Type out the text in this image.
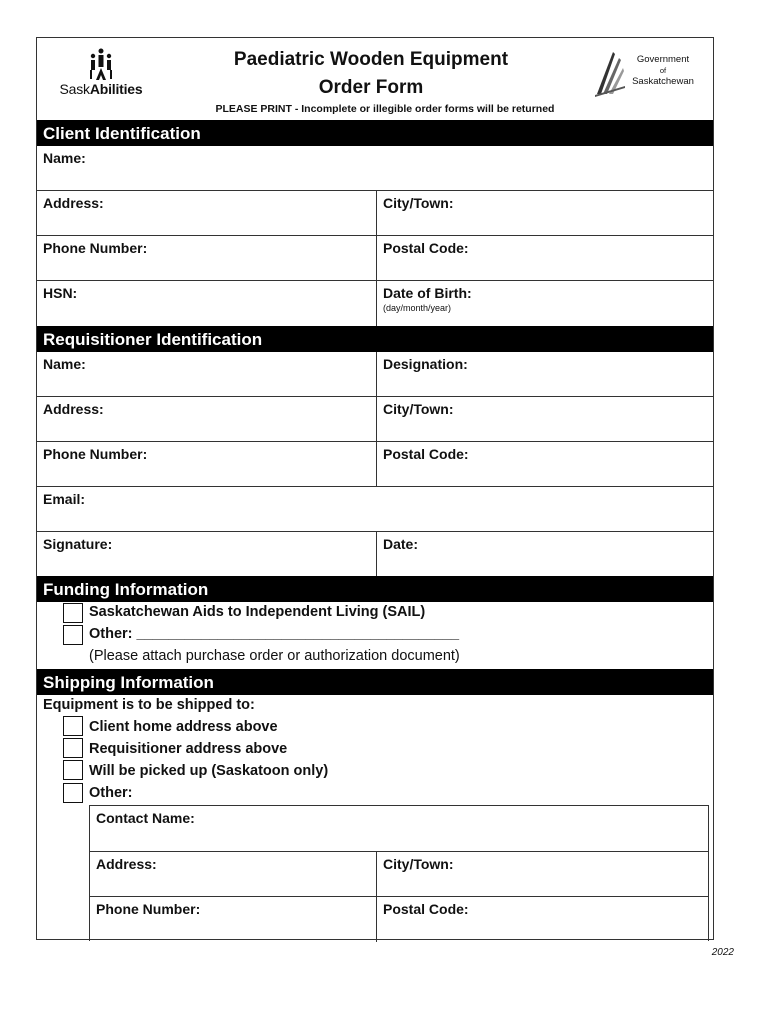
SaskAbilities
Paediatric Wooden Equipment
Order Form
PLEASE PRINT - Incomplete or illegible order forms will be returned
Government
of
Saskatchewan
Client Identification
Name:
Address:	City/Town:
Phone Number:	Postal Code:
HSN:	Date of Birth:
(day/month/year)
Requisitioner Identification
Name:	Designation:
Address:	City/Town:
Phone Number:	Postal Code:
Email:
Signature:	Date:
Funding Information
Saskatchewan Aids to Independent Living (SAIL)
Other: ________________________________________
(Please attach purchase order or authorization document)
Shipping Information
Equipment is to be shipped to:
Client home address above
Requisitioner address above
Will be picked up (Saskatoon only)
Other:
Contact Name:
Address:	City/Town:
Phone Number:	Postal Code:
2022
